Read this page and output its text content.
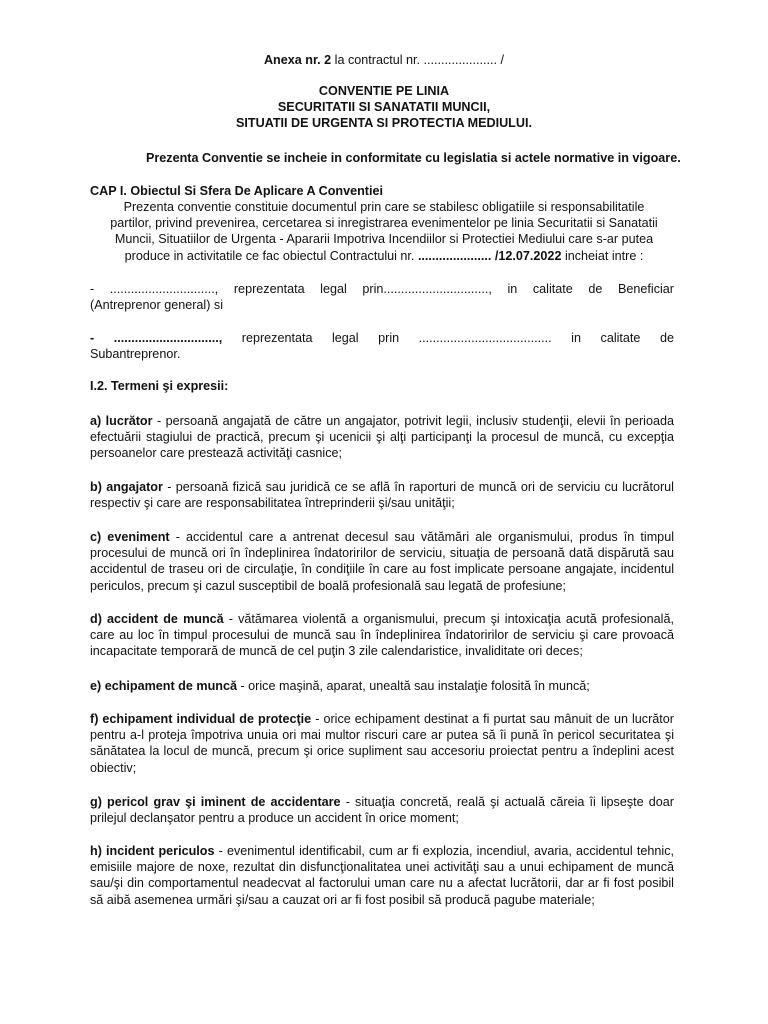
Anexa nr. 2 la contractul nr. ..................... /
CONVENTIE PE LINIA
SECURITATII SI SANATATII MUNCII,
SITUATII DE URGENTA SI PROTECTIA MEDIULUI.
Prezenta Conventie se incheie in conformitate cu legislatia si actele normative in vigoare.
CAP I. Obiectul Si Sfera De Aplicare A Conventiei
Prezenta conventie constituie documentul prin care se stabilesc obligatiile si responsabilitatile
partilor, privind prevenirea, cercetarea si inregistrarea evenimentelor pe linia Securitatii si Sanatatii
Muncii, Situatiilor de Urgenta - Apararii Impotriva Incendiilor si Protectiei Mediului care s-ar putea
produce in activitatile ce fac obiectul Contractului nr. ..................... /12.07.2022 incheiat intre :
-    ..............................,    reprezentata    legal    prin..............................,    in    calitate    de    Beneficiar (Antreprenor general) si
-    ..............................,    reprezentata    legal    prin    ......................................    in    calitate    de Subantreprenor.
I.2. Termeni şi expresii:
a) lucrător - persoană angajată de către un angajator, potrivit legii, inclusiv studenţii, elevii în perioada efectuării stagiului de practică, precum şi ucenicii şi alţi participanţi la procesul de muncă, cu excepţia persoanelor care prestează activităţi casnice;
b) angajator - persoană fizică sau juridică ce se află în raporturi de muncă ori de serviciu cu lucrătorul respectiv şi care are responsabilitatea întreprinderii şi/sau unităţii;
c) eveniment - accidentul care a antrenat decesul sau vătămări ale organismului, produs în timpul procesului de muncă ori în îndeplinirea îndatoririlor de serviciu, situaţia de persoană dată dispărută sau accidentul de traseu ori de circulaţie, în condiţiile în care au fost implicate persoane angajate, incidentul periculos, precum şi cazul susceptibil de boală profesională sau legată de profesiune;
d) accident de muncă - vătămarea violentă a organismului, precum şi intoxicaţia acută profesională, care au loc în timpul procesului de muncă sau în îndeplinirea îndatoririlor de serviciu şi care provoacă incapacitate temporară de muncă de cel puţin 3 zile calendaristice, invaliditate ori deces;
e) echipament de muncă - orice maşină, aparat, unealtă sau instalaţie folosită în muncă;
f) echipament individual de protecţie - orice echipament destinat a fi purtat sau mânuit de un lucrător pentru a-l proteja împotriva unuia ori mai multor riscuri care ar putea să îi pună în pericol securitatea şi sănătatea la locul de muncă, precum şi orice supliment sau accesoriu proiectat pentru a îndeplini acest obiectiv;
g) pericol grav şi iminent de accidentare - situaţia concretă, reală şi actuală căreia îi lipseşte doar prilejul declanşator pentru a produce un accident în orice moment;
h) incident periculos - evenimentul identificabil, cum ar fi explozia, incendiul, avaria, accidentul tehnic, emisiile majore de noxe, rezultat din disfuncţionalitatea unei activităţi sau a unui echipament de muncă sau/şi din comportamentul neadecvat al factorului uman care nu a afectat lucrătorii, dar ar fi fost posibil să aibă asemenea urmări şi/sau a cauzat ori ar fi fost posibil să producă pagube materiale;
